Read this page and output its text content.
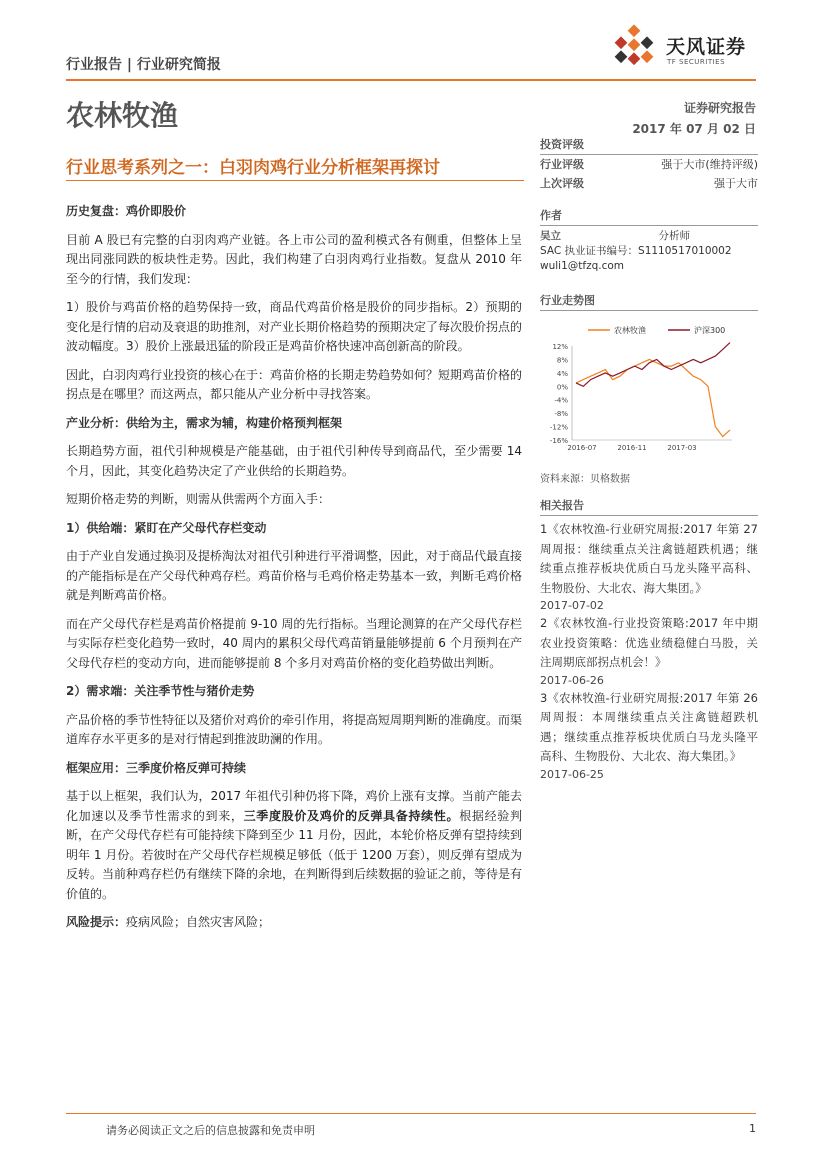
行业报告 | 行业研究简报
天风证券
TF SECURITIES
农林牧渔	证券研究报告
2017 年 07 月 02 日
行业思考系列之一：白羽肉鸡行业分析框架再探讨

历史复盘：鸡价即股价

目前 A 股已有完整的白羽肉鸡产业链。各上市公司的盈利模式各有侧重，但整体上呈现出同涨同跌的板块性走势。因此，我们构建了白羽肉鸡行业指数。复盘从 2010 年至今的行情，我们发现：

1）股价与鸡苗价格的趋势保持一致，商品代鸡苗价格是股价的同步指标。2）预期的变化是行情的启动及衰退的助推剂，对产业长期价格趋势的预期决定了每次股价拐点的波动幅度。3）股价上涨最迅猛的阶段正是鸡苗价格快速冲高创新高的阶段。

因此，白羽肉鸡行业投资的核心在于：鸡苗价格的长期走势趋势如何？短期鸡苗价格的拐点是在哪里？而这两点，都只能从产业分析中寻找答案。

产业分析：供给为主，需求为辅，构建价格预判框架

长期趋势方面，祖代引种规模是产能基础，由于祖代引种传导到商品代，至少需要 14 个月，因此，其变化趋势决定了产业供给的长期趋势。

短期价格走势的判断，则需从供需两个方面入手：

1）供给端：紧盯在产父母代存栏变动

由于产业自发通过换羽及提桥淘汰对祖代引种进行平滑调整，因此，对于商品代最直接的产能指标是在产父母代种鸡存栏。鸡苗价格与毛鸡价格走势基本一致，判断毛鸡价格就是判断鸡苗价格。

而在产父母代存栏是鸡苗价格提前 9-10 周的先行指标。当理论测算的在产父母代存栏与实际存栏变化趋势一致时，40 周内的累积父母代鸡苗销量能够提前 6 个月预判在产父母代存栏的变动方向，进而能够提前 8 个多月对鸡苗价格的变化趋势做出判断。

2）需求端：关注季节性与猪价走势

产品价格的季节性特征以及猪价对鸡价的牵引作用，将提高短周期判断的准确度。而渠道库存水平更多的是对行情起到推波助澜的作用。

框架应用：三季度价格反弹可持续

基于以上框架，我们认为，2017 年祖代引种仍将下降，鸡价上涨有支撑。当前产能去化加速以及季节性需求的到来，三季度股价及鸡价的反弹具备持续性。根据经验判断，在产父母代存栏有可能持续下降到至少 11 月份，因此，本轮价格反弹有望持续到明年 1 月份。若彼时在产父母代存栏规模足够低（低于 1200 万套），则反弹有望成为反转。当前种鸡存栏仍有继续下降的余地，在判断得到后续数据的验证之前，等待是有价值的。

风险提示：疫病风险；自然灾害风险；

投资评级
行业评级	强于大市(维持评级)
上次评级	强于大市
作者
吴立	分析师
SAC 执业证书编号：S1110517010002
wuli1@tfzq.com
行业走势图
12%
8%
4%
0%
-4%
-8%
-12%
-16%
2016-07	2016-11	2017-03
农林牧渔	沪深300
资料来源：贝格数据
相关报告
1《农林牧渔-行业研究周报:2017 年第 27 周周报：继续重点关注禽链超跌机遇；继续重点推荐板块优质白马龙头隆平高科、生物股份、大北农、海大集团。》
2017-07-02
2《农林牧渔-行业投资策略:2017 年中期农业投资策略：优选业绩稳健白马股，关注周期底部拐点机会！》
2017-06-26
3《农林牧渔-行业研究周报:2017 年第 26 周周报：本周继续重点关注禽链超跌机遇；继续重点推荐板块优质白马龙头隆平高科、生物股份、大北农、海大集团。》
2017-06-25
请务必阅读正文之后的信息披露和免责申明	1
